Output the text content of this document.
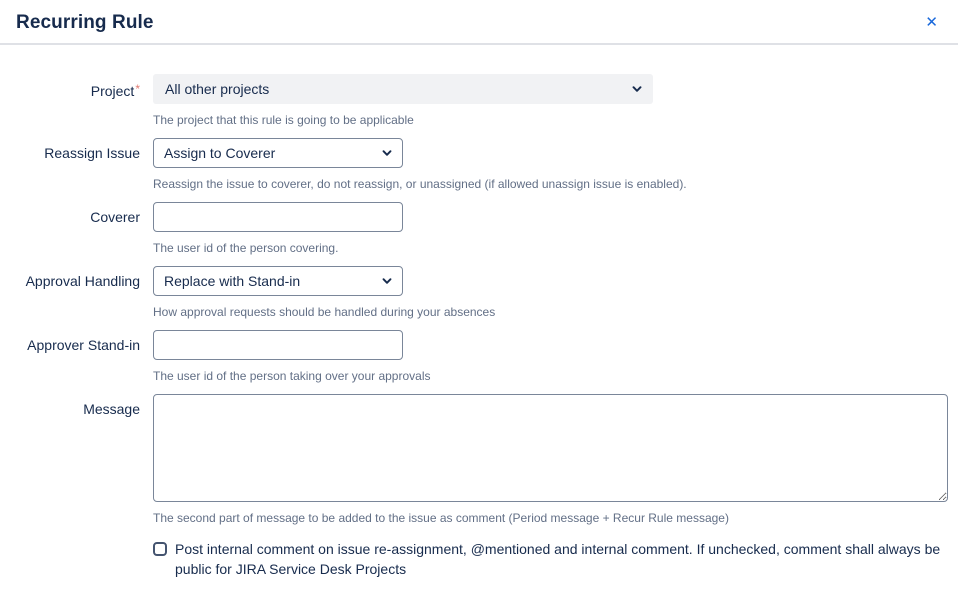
Recurring Rule	✕
Project*
All other projects
The project that this rule is going to be applicable
Reassign Issue
Assign to Coverer
Reassign the issue to coverer, do not reassign, or unassigned (if allowed unassign issue is enabled).
Coverer
The user id of the person covering.
Approval Handling
Replace with Stand-in
How approval requests should be handled during your absences
Approver Stand-in
The user id of the person taking over your approvals
Message
The second part of message to be added to the issue as comment (Period message + Recur Rule message)
Post internal comment on issue re-assignment, @mentioned and internal comment. If unchecked, comment shall always be public for JIRA Service Desk Projects
